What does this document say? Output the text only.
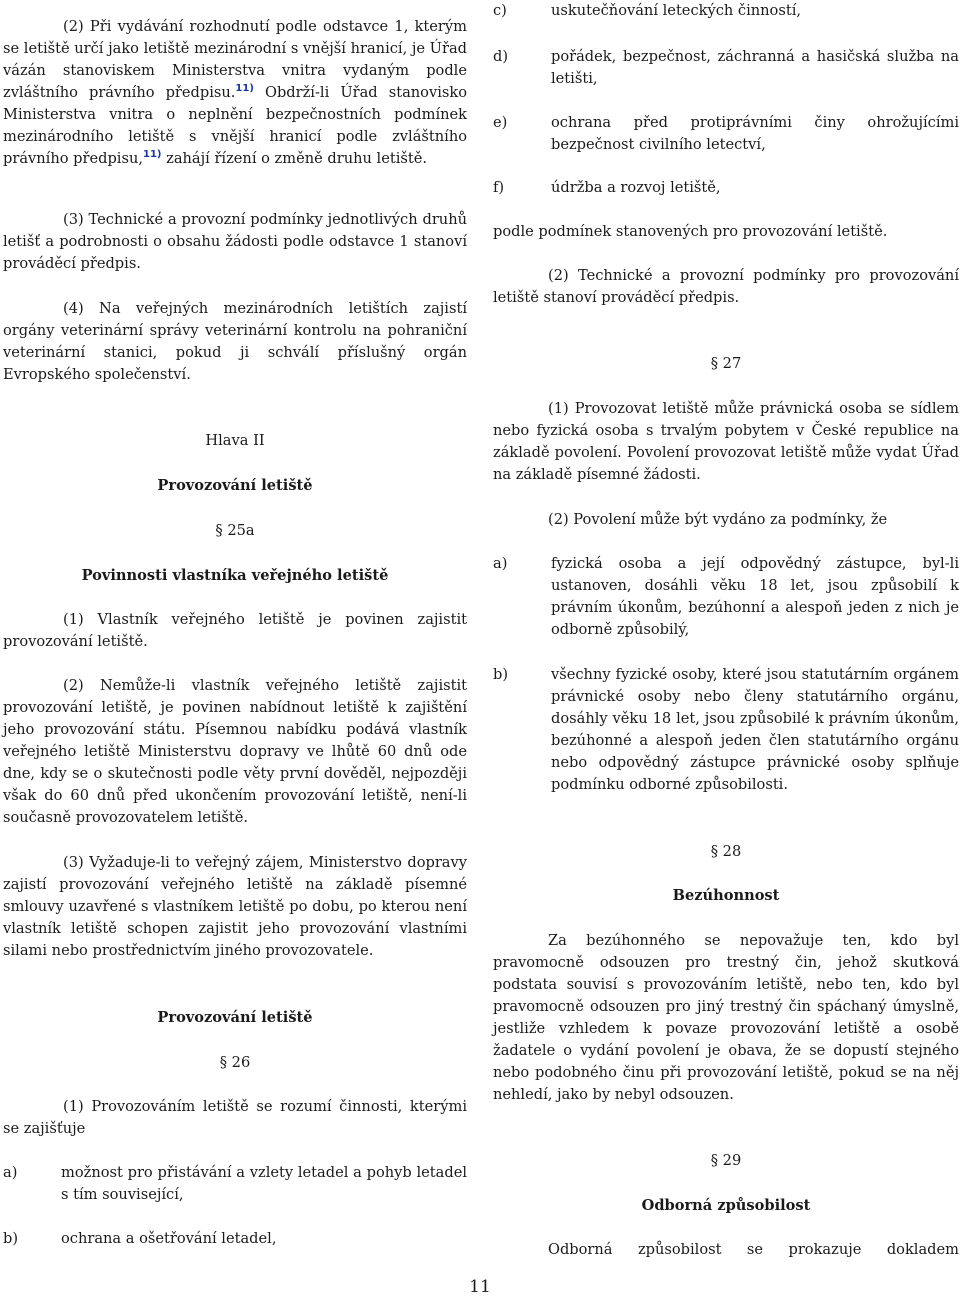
(2) Při vydávání rozhodnutí podle odstavce 1, kterým se letiště určí jako letiště mezinárodní s vnější hranicí, je Úřad vázán stanoviskem Ministerstva vnitra vydaným podle zvláštního právního předpisu.$^{11)}$ Obdrží-li Úřad stanovisko Ministerstva vnitra o neplnění bezpečnostních podmínek mezinárodního letiště s vnější hranicí podle zvláštního právního předpisu,$^{11)}$ zahájí řízení o změně druhu letiště.

(3) Technické a provozní podmínky jednotlivých druhů letišť a podrobnosti o obsahu žádosti podle odstavce 1 stanoví prováděcí předpis.

(4) Na veřejných mezinárodních letištích zajistí orgány veterinární správy veterinární kontrolu na pohraniční veterinární stanici, pokud ji schválí příslušný orgán Evropského společenství.

Hlava II

Provozování letiště

§ 25a

Povinnosti vlastníka veřejného letiště

(1) Vlastník veřejného letiště je povinen zajistit provozování letiště.

(2) Nemůže-li vlastník veřejného letiště zajistit provozování letiště, je povinen nabídnout letiště k zajištění jeho provozování státu. Písemnou nabídku podává vlastník veřejného letiště Ministerstvu dopravy ve lhůtě 60 dnů ode dne, kdy se o skutečnosti podle věty první dověděl, nejpozději však do 60 dnů před ukončením provozování letiště, není-li současně provozovatelem letiště.

(3) Vyžaduje-li to veřejný zájem, Ministerstvo dopravy zajistí provozování veřejného letiště na základě písemné smlouvy uzavřené s vlastníkem letiště po dobu, po kterou není vlastník letiště schopen zajistit jeho provozování vlastními silami nebo prostřednictvím jiného provozovatele.

Provozování letiště

§ 26

(1) Provozováním letiště se rozumí činnosti, kterými se zajišťuje

a)	možnost pro přistávání a vzlety letadel a pohyb letadel s tím související,

b)	ochrana a ošetřování letadel,

c)	uskutečňování leteckých činností,

d)	pořádek, bezpečnost, záchranná a hasičská služba na letišti,

e)	ochrana před protiprávními činy ohrožujícími bezpečnost civilního letectví,

f)	údržba a rozvoj letiště,

podle podmínek stanovených pro provozování letiště.

(2) Technické a provozní podmínky pro provozování letiště stanoví prováděcí předpis.

§ 27

(1) Provozovat letiště může právnická osoba se sídlem nebo fyzická osoba s trvalým pobytem v České republice na základě povolení. Povolení provozovat letiště může vydat Úřad na základě písemné žádosti.

(2) Povolení může být vydáno za podmínky, že

a)	fyzická osoba a její odpovědný zástupce, byl-li ustanoven, dosáhli věku 18 let, jsou způsobilí k právním úkonům, bezúhonní a alespoň jeden z nich je odborně způsobilý,

b)	všechny fyzické osoby, které jsou statutárním orgánem právnické osoby nebo členy statutárního orgánu, dosáhly věku 18 let, jsou způsobilé k právním úkonům, bezúhonné a alespoň jeden člen statutárního orgánu nebo odpovědný zástupce právnické osoby splňuje podmínku odborné způsobilosti.

§ 28

Bezúhonnost

Za bezúhonného se nepovažuje ten, kdo byl pravomocně odsouzen pro trestný čin, jehož skutková podstata souvisí s provozováním letiště, nebo ten, kdo byl pravomocně odsouzen pro jiný trestný čin spáchaný úmyslně, jestliže vzhledem k povaze provozování letiště a osobě žadatele o vydání povolení je obava, že se dopustí stejného nebo podobného činu při provozování letiště, pokud se na něj nehledí, jako by nebyl odsouzen.

§ 29

Odborná způsobilost

Odborná způsobilost se prokazuje dokladem

11
